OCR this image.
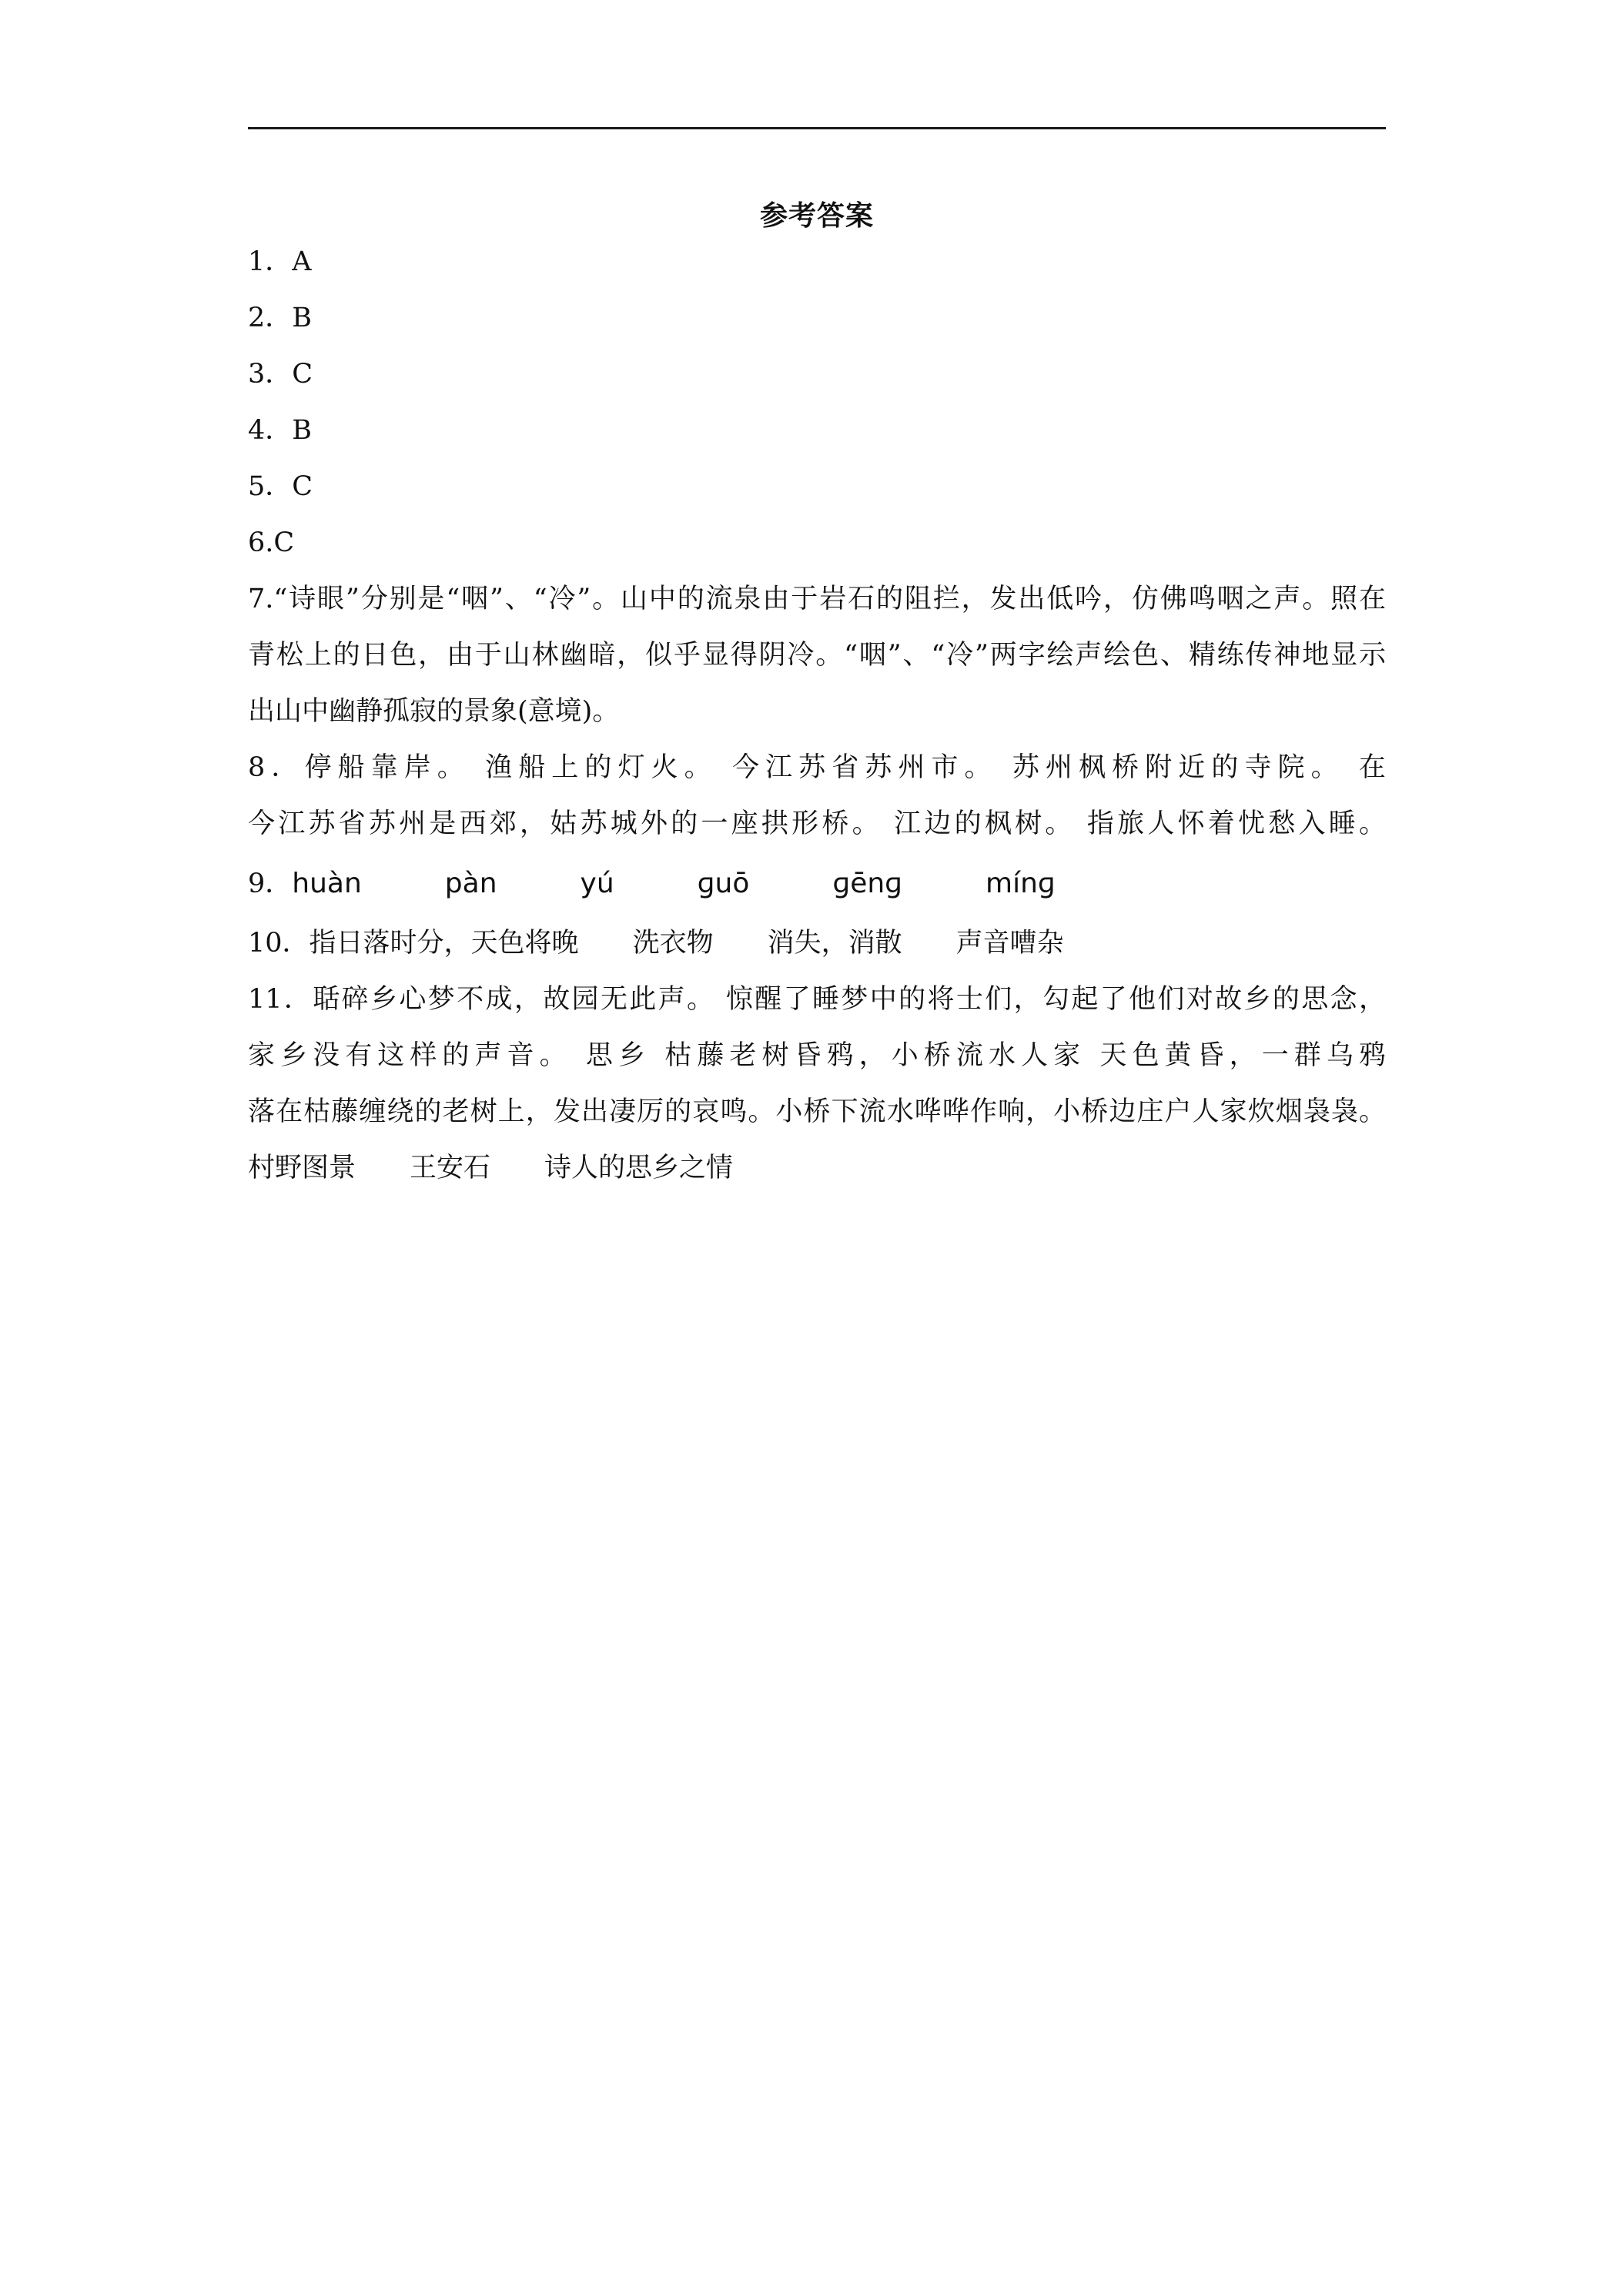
参考答案
1．A
2．B
3．C
4．B
5．C
6.C
7.“诗眼”分别是“咽”、“冷”。山中的流泉由于岩石的阻拦，发出低吟，仿佛鸣咽之声。照在
青松上的日色，由于山林幽暗，似乎显得阴冷。“咽”、“冷”两字绘声绘色、精练传神地显示
出山中幽静孤寂的景象(意境)。
8．停船靠岸。 渔船上的灯火。 今江苏省苏州市。 苏州枫桥附近的寺院。 在
今江苏省苏州是西郊，姑苏城外的一座拱形桥。 江边的枫树。 指旅人怀着忧愁入睡。
9．huàn	pàn	yú	ɡuō	ɡēnɡ	mínɡ
10．指日落时分，天色将晚 洗衣物 消失，消散 声音嘈杂
11．聒碎乡心梦不成，故园无此声。 惊醒了睡梦中的将士们，勾起了他们对故乡的思念，
家乡没有这样的声音。 思乡 枯藤老树昏鸦，小桥流水人家 天色黄昏，一群乌鸦
落在枯藤缠绕的老树上，发出凄厉的哀鸣。小桥下流水哗哗作响，小桥边庄户人家炊烟袅袅。
村野图景 王安石 诗人的思乡之情
